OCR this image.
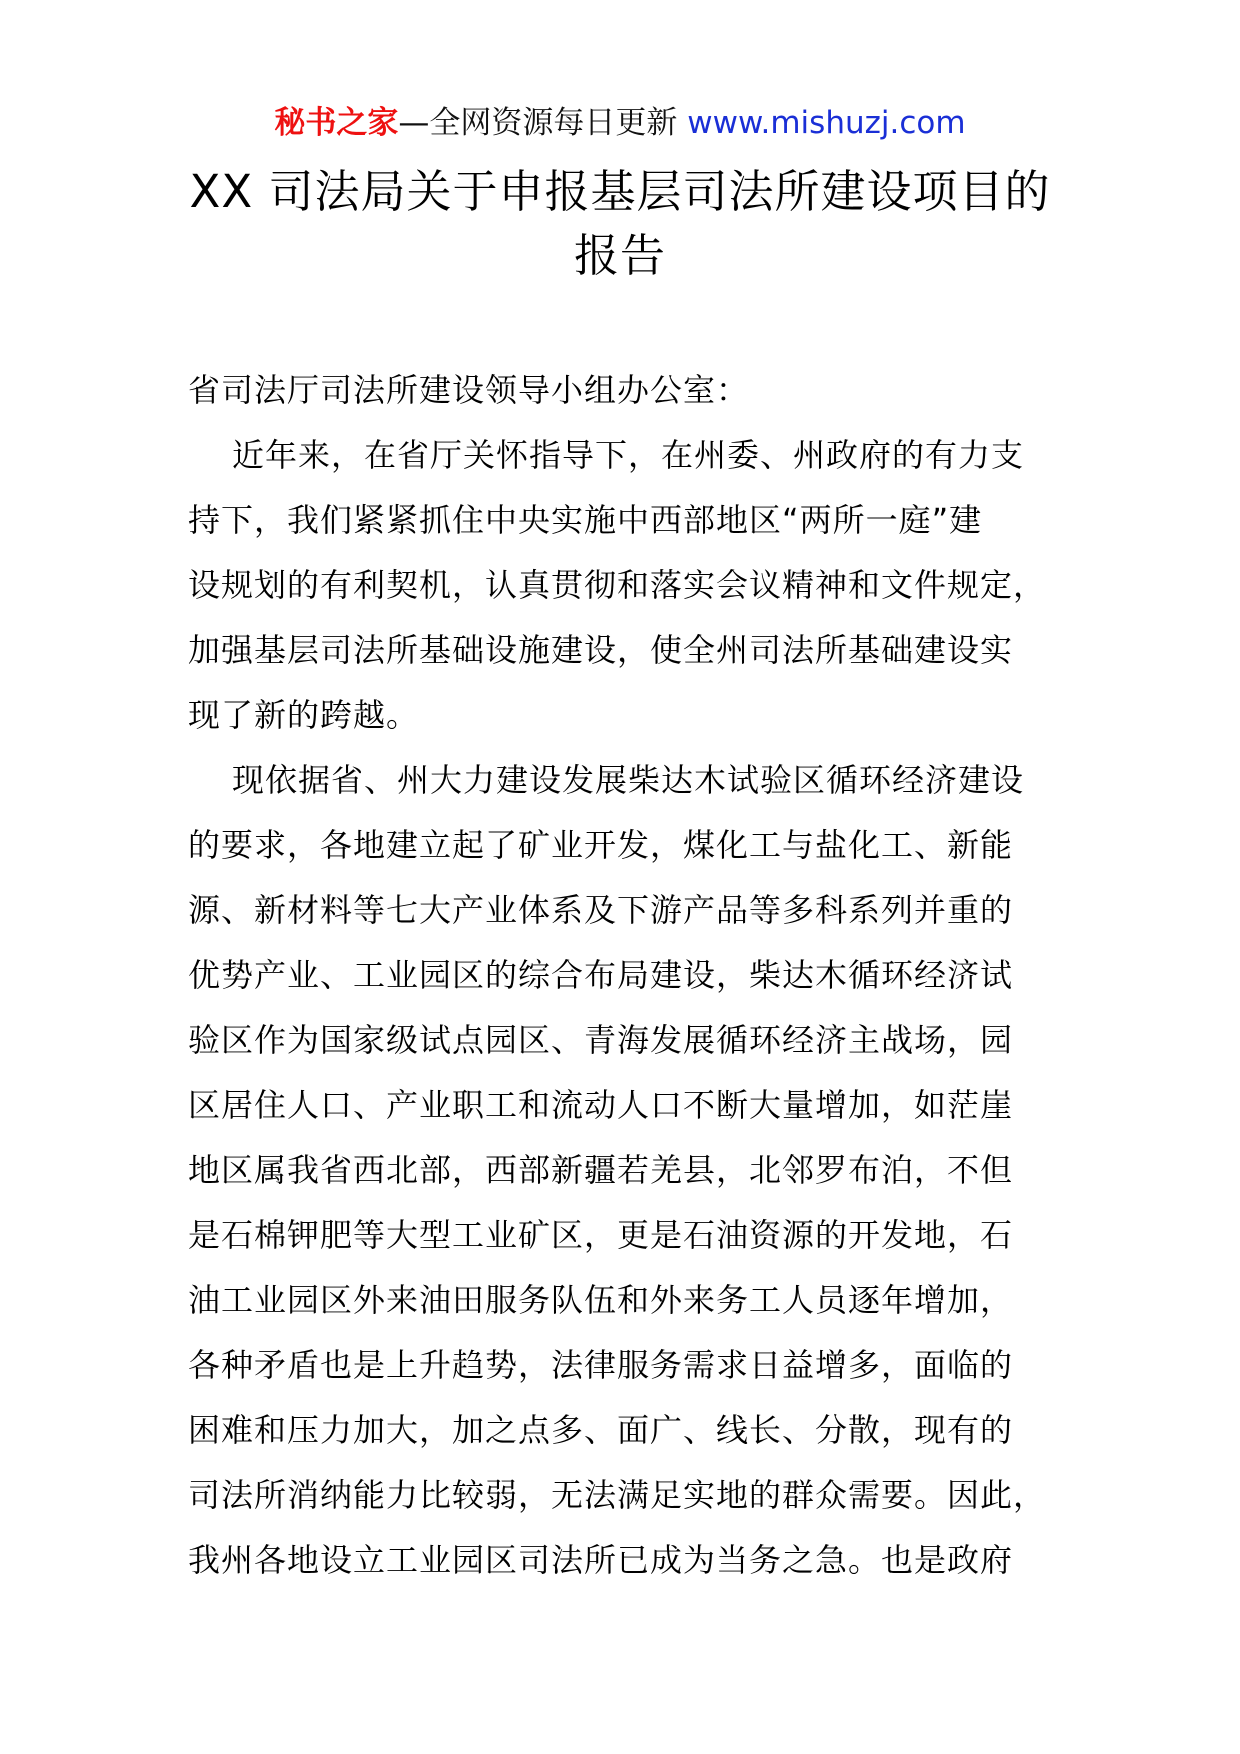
秘书之家—全网资源每日更新 www.mishuzj.com
XX 司法局关于申报基层司法所建设项目的
报告

省司法厅司法所建设领导小组办公室：

近年来，在省厅关怀指导下，在州委、州政府的有力支
持下，我们紧紧抓住中央实施中西部地区“两所一庭”建
设规划的有利契机，认真贯彻和落实会议精神和文件规定，
加强基层司法所基础设施建设，使全州司法所基础建设实
现了新的跨越。

现依据省、州大力建设发展柴达木试验区循环经济建设
的要求，各地建立起了矿业开发，煤化工与盐化工、新能
源、新材料等七大产业体系及下游产品等多科系列并重的
优势产业、工业园区的综合布局建设，柴达木循环经济试
验区作为国家级试点园区、青海发展循环经济主战场，园
区居住人口、产业职工和流动人口不断大量增加，如茫崖
地区属我省西北部，西部新疆若羌县，北邻罗布泊，不但
是石棉钾肥等大型工业矿区，更是石油资源的开发地，石
油工业园区外来油田服务队伍和外来务工人员逐年增加，
各种矛盾也是上升趋势，法律服务需求日益增多，面临的
困难和压力加大，加之点多、面广、线长、分散，现有的
司法所消纳能力比较弱，无法满足实地的群众需要。因此，
我州各地设立工业园区司法所已成为当务之急。也是政府
